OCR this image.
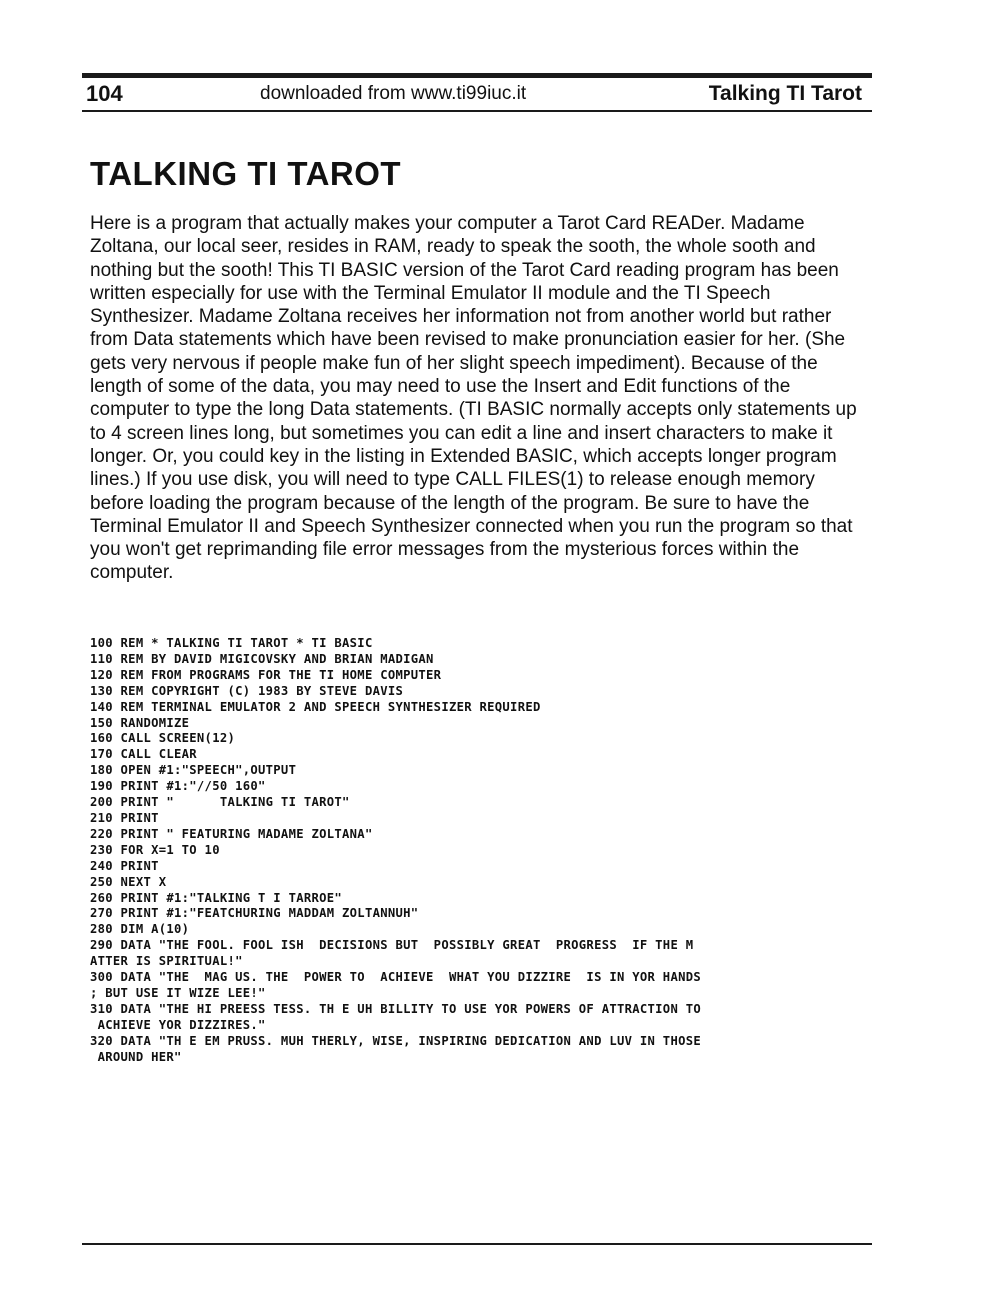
104	downloaded from www.ti99iuc.it	Talking TI Tarot
TALKING TI TAROT

Here is a program that actually makes your computer a Tarot Card READer. Madame Zoltana, our local seer, resides in RAM, ready to speak the sooth, the whole sooth and nothing but the sooth! This TI BASIC version of the Tarot Card reading program has been written especially for use with the Terminal Emulator II module and the TI Speech Synthesizer. Madame Zoltana receives her information not from another world but rather from Data statements which have been revised to make pronunciation easier for her. (She gets very nervous if people make fun of her slight speech impediment). Because of the length of some of the data, you may need to use the Insert and Edit functions of the computer to type the long Data statements. (TI BASIC normally accepts only statements up to 4 screen lines long, but sometimes you can edit a line and insert characters to make it longer. Or, you could key in the listing in Extended BASIC, which accepts longer program lines.) If you use disk, you will need to type CALL FILES(1) to release enough memory before loading the program because of the length of the program. Be sure to have the Terminal Emulator II and Speech Synthesizer connected when you run the program so that you won't get reprimanding file error messages from the mysterious forces within the computer.

100 REM * TALKING TI TAROT * TI BASIC
110 REM BY DAVID MIGICOVSKY AND BRIAN MADIGAN
120 REM FROM PROGRAMS FOR THE TI HOME COMPUTER
130 REM COPYRIGHT (C) 1983 BY STEVE DAVIS
140 REM TERMINAL EMULATOR 2 AND SPEECH SYNTHESIZER REQUIRED
150 RANDOMIZE
160 CALL SCREEN(12)
170 CALL CLEAR
180 OPEN #1:"SPEECH",OUTPUT
190 PRINT #1:"//50 160"
200 PRINT "      TALKING TI TAROT"
210 PRINT
220 PRINT " FEATURING MADAME ZOLTANA"
230 FOR X=1 TO 10
240 PRINT
250 NEXT X
260 PRINT #1:"TALKING T I TARROE"
270 PRINT #1:"FEATCHURING MADDAM ZOLTANNUH"
280 DIM A(10)
290 DATA "THE FOOL. FOOL ISH  DECISIONS BUT  POSSIBLY GREAT  PROGRESS  IF THE M
ATTER IS SPIRITUAL!"
300 DATA "THE  MAG US. THE  POWER TO  ACHIEVE  WHAT YOU DIZZIRE  IS IN YOR HANDS
; BUT USE IT WIZE LEE!"
310 DATA "THE HI PREESS TESS. TH E UH BILLITY TO USE YOR POWERS OF ATTRACTION TO
ACHIEVE YOR DIZZIRES."
320 DATA "TH E EM PRUSS. MUH THERLY, WISE, INSPIRING DEDICATION AND LUV IN THOSE
AROUND HER"
